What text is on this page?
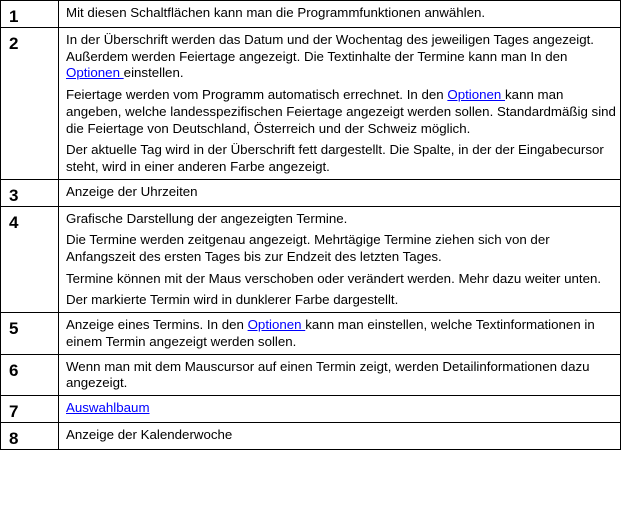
1	Mit diesen Schaltflächen kann man die Programmfunktionen anwählen.

2	In der Überschrift werden das Datum und der Wochentag des jeweiligen Tages angezeigt. Außerdem werden Feiertage angezeigt. Die Textinhalte der Termine kann man In den Optionen einstellen.

Feiertage werden vom Programm automatisch errechnet. In den Optionen kann man angeben, welche landesspezifischen Feiertage angezeigt werden sollen. Standardmäßig sind die Feiertage von Deutschland, Österreich und der Schweiz möglich.

Der aktuelle Tag wird in der Überschrift fett dargestellt. Die Spalte, in der der Eingabecursor steht, wird in einer anderen Farbe angezeigt.

3	Anzeige der Uhrzeiten

4	Grafische Darstellung der angezeigten Termine.

Die Termine werden zeitgenau angezeigt. Mehrtägige Termine ziehen sich von der Anfangszeit des ersten Tages bis zur Endzeit des letzten Tages.

Termine können mit der Maus verschoben oder verändert werden. Mehr dazu weiter unten.

Der markierte Termin wird in dunklerer Farbe dargestellt.

5	Anzeige eines Termins. In den Optionen kann man einstellen, welche Textinformationen in einem Termin angezeigt werden sollen.

6	Wenn man mit dem Mauscursor auf einen Termin zeigt, werden Detailinformationen dazu angezeigt.

7	Auswahlbaum

8	Anzeige der Kalenderwoche
